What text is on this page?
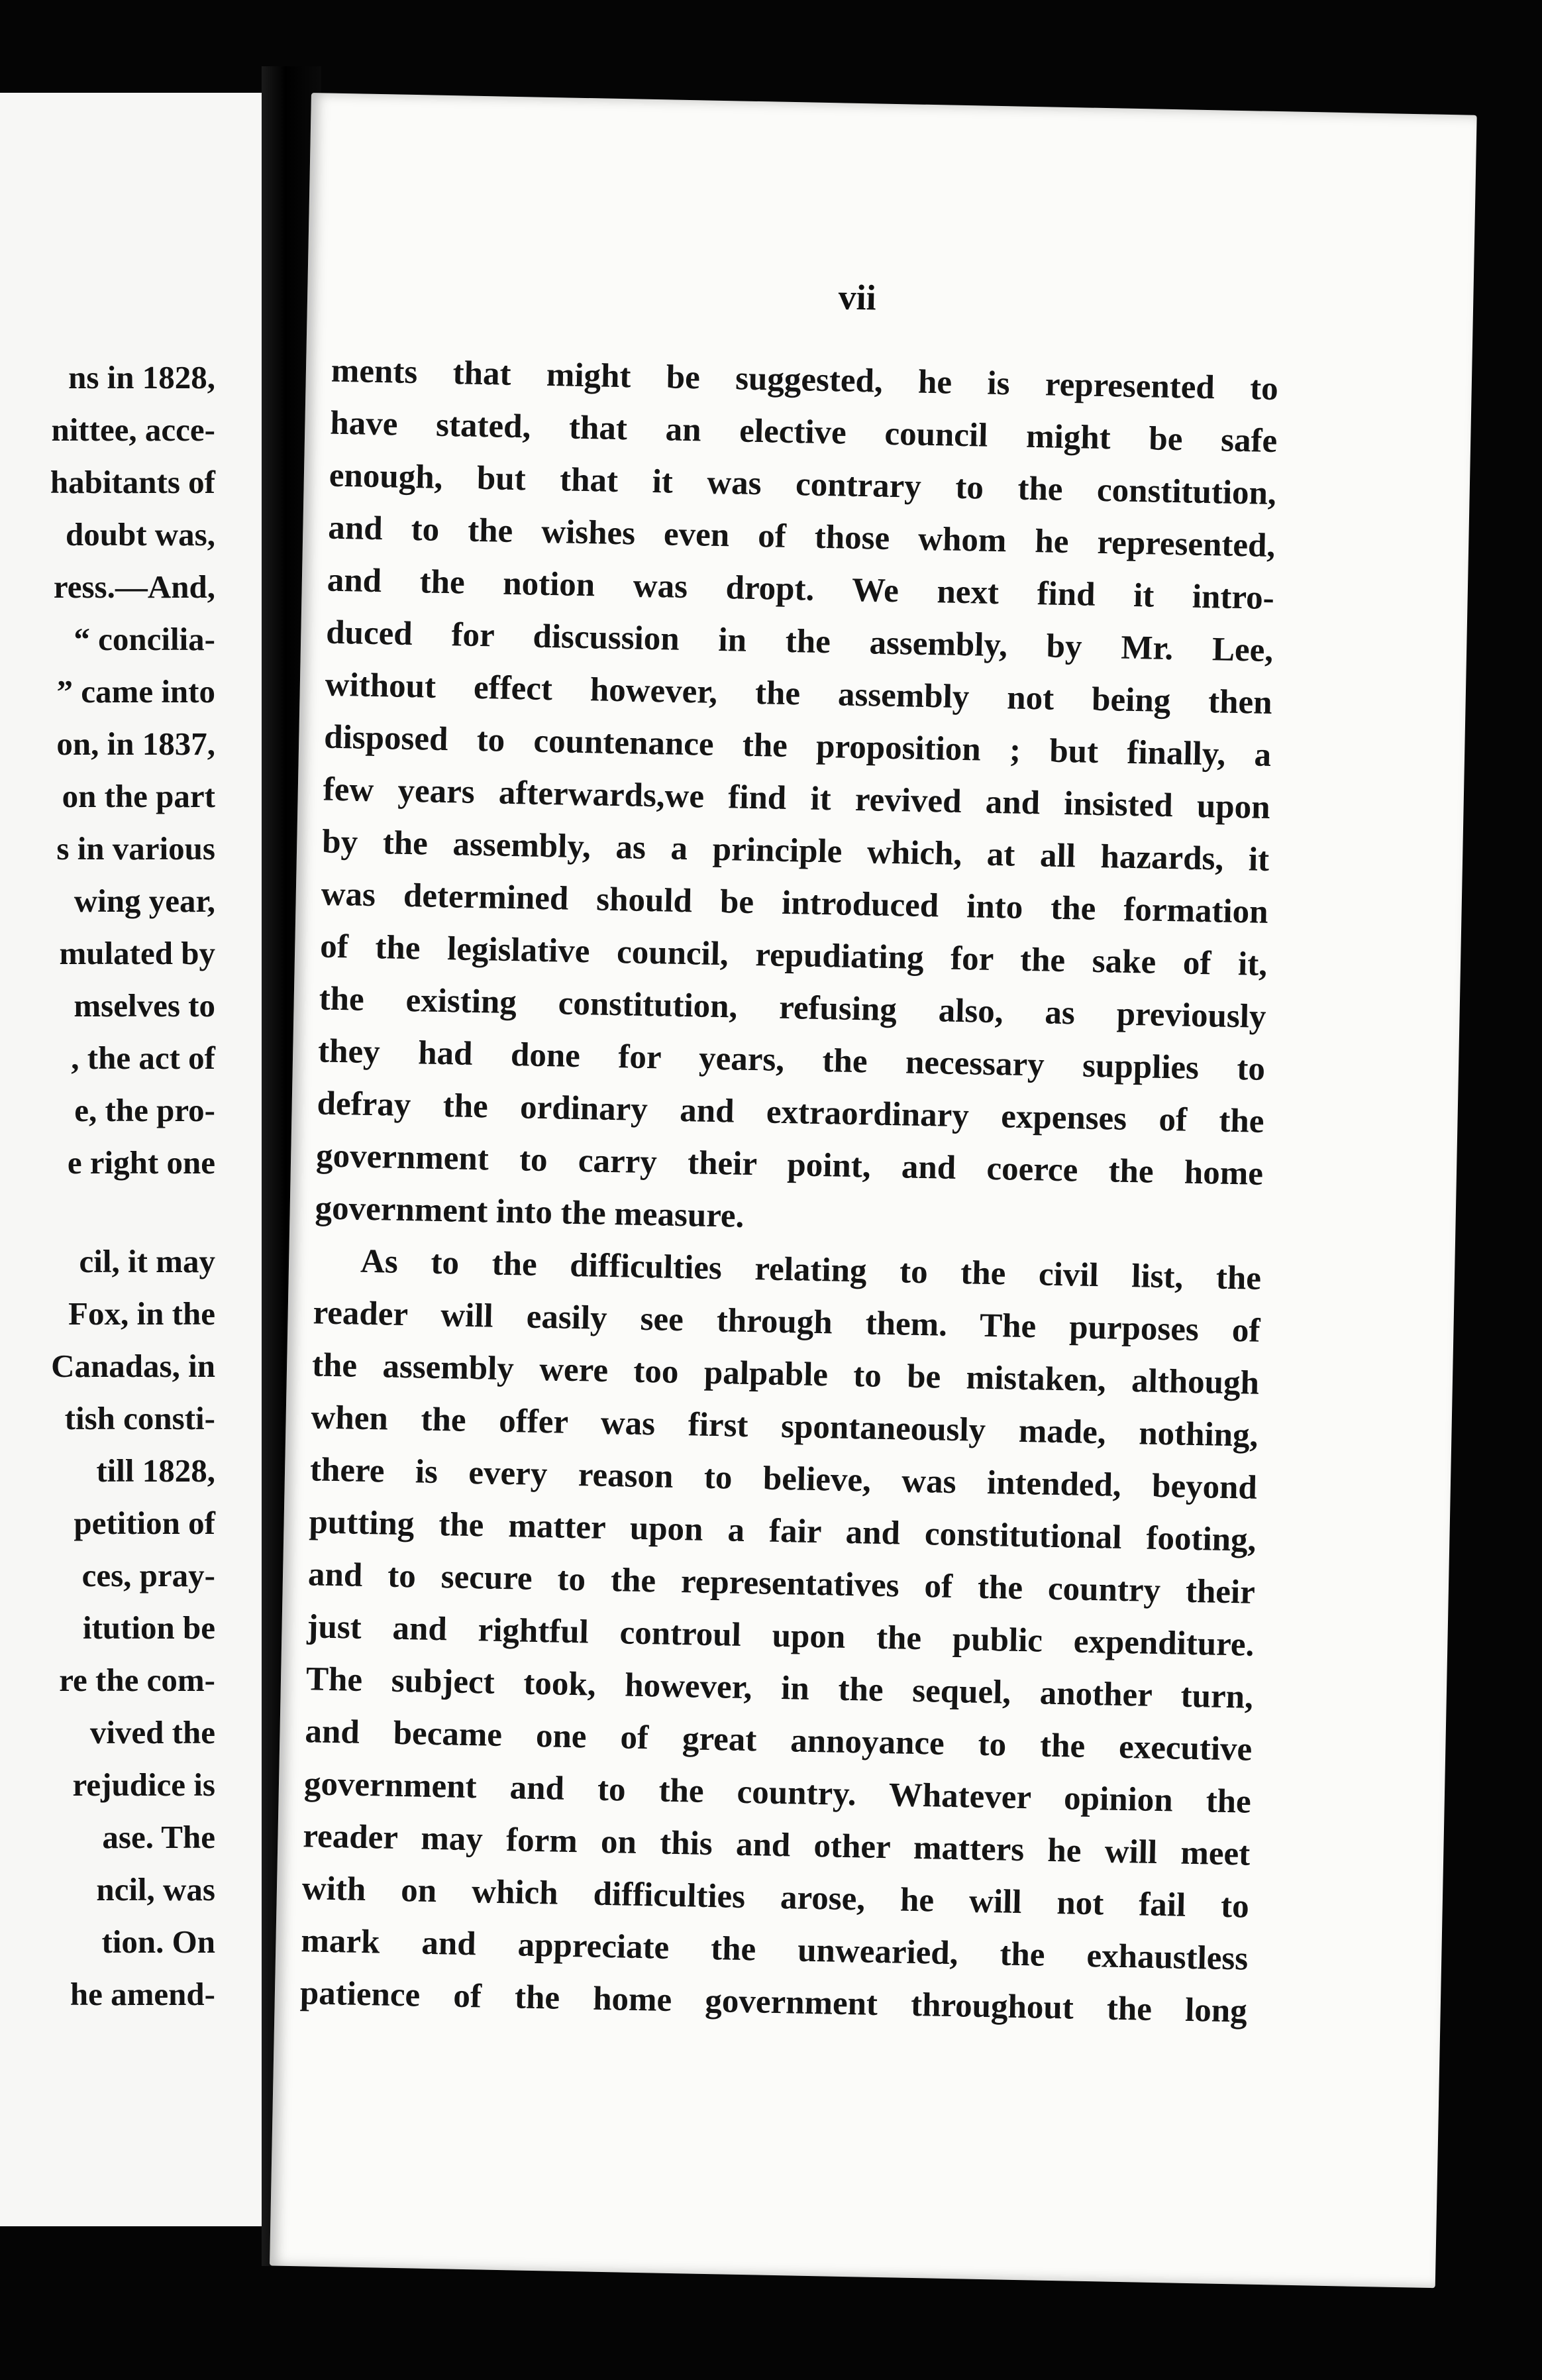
ns in 1828,
nittee, acce-
habitants of
doubt was,
ress.—And,
“ concilia-
” came into
on, in 1837,
on the part
s in various
wing year,
mulated by
mselves to
, the act of
e, the pro-
e right one
cil, it may
Fox, in the
Canadas, in
tish consti-
till 1828,
petition of
ces, pray-
itution be
re the com-
vived the
rejudice is
ase. The
ncil, was
tion. On
he amend-
vii
ments that might be suggested, he is represented to
have stated, that an elective council might be safe
enough, but that it was contrary to the constitution,
and to the wishes even of those whom he represented,
and the notion was dropt. We next find it intro-
duced for discussion in the assembly, by Mr. Lee,
without effect however, the assembly not being then
disposed to countenance the proposition ; but finally, a
few years afterwards,we find it revived and insisted upon
by the assembly, as a principle which, at all hazards, it
was determined should be introduced into the formation
of the legislative council, repudiating for the sake of it,
the existing constitution, refusing also, as previously
they had done for years, the necessary supplies to
defray the ordinary and extraordinary expenses of the
government to carry their point, and coerce the home
government into the measure.
As to the difficulties relating to the civil list, the
reader will easily see through them. The purposes of
the assembly were too palpable to be mistaken, although
when the offer was first spontaneously made, nothing,
there is every reason to believe, was intended, beyond
putting the matter upon a fair and constitutional footing,
and to secure to the representatives of the country their
just and rightful controul upon the public expenditure.
The subject took, however, in the sequel, another turn,
and became one of great annoyance to the executive
government and to the country. Whatever opinion the
reader may form on this and other matters he will meet
with on which difficulties arose, he will not fail to
mark and appreciate the unwearied, the exhaustless
patience of the home government throughout the long
